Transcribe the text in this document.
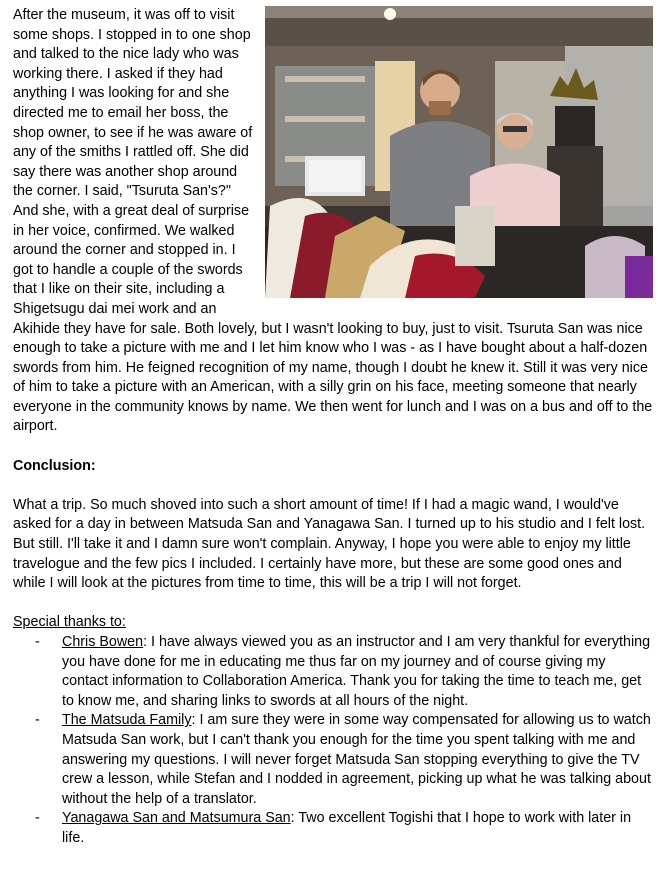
After the museum, it was off to visit some shops. I stopped in to one shop and talked to the nice lady who was working there. I asked if they had anything I was looking for and she directed me to email her boss, the shop owner, to see if he was aware of any of the smiths I rattled off. She did say there was another shop around the corner. I said, "Tsuruta San's?" And she, with a great deal of surprise in her voice, confirmed. We walked around the corner and stopped in. I got to handle a couple of the swords that I like on their site, including a Shigetsugu dai mei work and an Akihide they have for sale. Both lovely, but I wasn't looking to buy, just to visit. Tsuruta San was nice enough to take a picture with me and I let him know who I was - as I have bought about a half-dozen swords from him. He feigned recognition of my name, though I doubt he knew it. Still it was very nice of him to take a picture with an American, with a silly grin on his face, meeting someone that nearly everyone in the community knows by name. We then went for lunch and I was on a bus and off to the airport.

Conclusion:

What a trip. So much shoved into such a short amount of time! If I had a magic wand, I would've asked for a day in between Matsuda San and Yanagawa San. I turned up to his studio and I felt lost. But still. I'll take it and I damn sure won't complain. Anyway, I hope you were able to enjoy my little travelogue and the few pics I included. I certainly have more, but these are some good ones and while I will look at the pictures from time to time, this will be a trip I will not forget.

Special thanks to:

- Chris Bowen: I have always viewed you as an instructor and I am very thankful for everything you have done for me in educating me thus far on my journey and of course giving my contact information to Collaboration America. Thank you for taking the time to teach me, get to know me, and sharing links to swords at all hours of the night.
- The Matsuda Family: I am sure they were in some way compensated for allowing us to watch Matsuda San work, but I can't thank you enough for the time you spent talking with me and answering my questions. I will never forget Matsuda San stopping everything to give the TV crew a lesson, while Stefan and I nodded in agreement, picking up what he was talking about without the help of a translator.
- Yanagawa San and Matsumura San: Two excellent Togishi that I hope to work with later in life.
